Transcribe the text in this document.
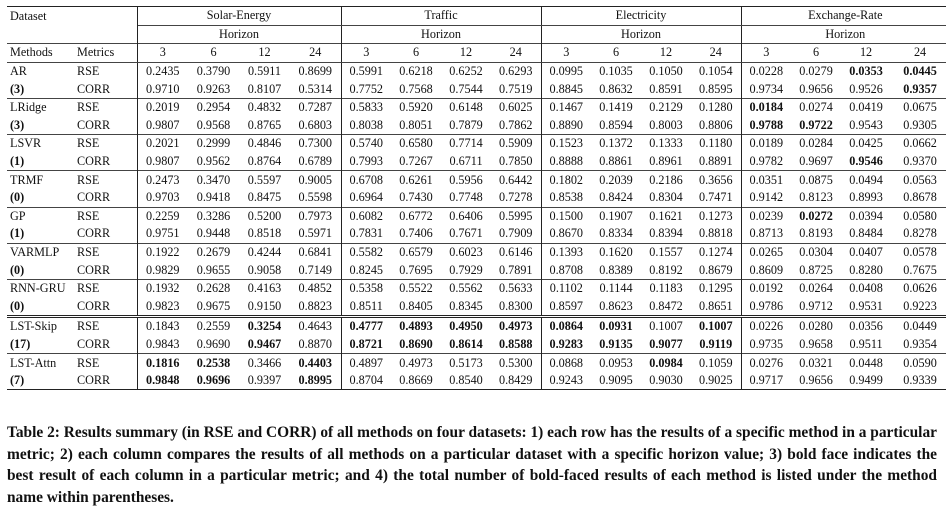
Dataset		Solar-Energy				Traffic				Electricity				Exchange-Rate			
		Horizon				Horizon				Horizon				Horizon			
Methods	Metrics	3	6	12	24	3	6	12	24	3	6	12	24	3	6	12	24
AR	RSE	0.2435	0.3790	0.5911	0.8699	0.5991	0.6218	0.6252	0.6293	0.0995	0.1035	0.1050	0.1054	0.0228	0.0279	0.0353	0.0445
(3)	CORR	0.9710	0.9263	0.8107	0.5314	0.7752	0.7568	0.7544	0.7519	0.8845	0.8632	0.8591	0.8595	0.9734	0.9656	0.9526	0.9357
LRidge	RSE	0.2019	0.2954	0.4832	0.7287	0.5833	0.5920	0.6148	0.6025	0.1467	0.1419	0.2129	0.1280	0.0184	0.0274	0.0419	0.0675
(3)	CORR	0.9807	0.9568	0.8765	0.6803	0.8038	0.8051	0.7879	0.7862	0.8890	0.8594	0.8003	0.8806	0.9788	0.9722	0.9543	0.9305
LSVR	RSE	0.2021	0.2999	0.4846	0.7300	0.5740	0.6580	0.7714	0.5909	0.1523	0.1372	0.1333	0.1180	0.0189	0.0284	0.0425	0.0662
(1)	CORR	0.9807	0.9562	0.8764	0.6789	0.7993	0.7267	0.6711	0.7850	0.8888	0.8861	0.8961	0.8891	0.9782	0.9697	0.9546	0.9370
TRMF	RSE	0.2473	0.3470	0.5597	0.9005	0.6708	0.6261	0.5956	0.6442	0.1802	0.2039	0.2186	0.3656	0.0351	0.0875	0.0494	0.0563
(0)	CORR	0.9703	0.9418	0.8475	0.5598	0.6964	0.7430	0.7748	0.7278	0.8538	0.8424	0.8304	0.7471	0.9142	0.8123	0.8993	0.8678
GP	RSE	0.2259	0.3286	0.5200	0.7973	0.6082	0.6772	0.6406	0.5995	0.1500	0.1907	0.1621	0.1273	0.0239	0.0272	0.0394	0.0580
(1)	CORR	0.9751	0.9448	0.8518	0.5971	0.7831	0.7406	0.7671	0.7909	0.8670	0.8334	0.8394	0.8818	0.8713	0.8193	0.8484	0.8278
VARMLP	RSE	0.1922	0.2679	0.4244	0.6841	0.5582	0.6579	0.6023	0.6146	0.1393	0.1620	0.1557	0.1274	0.0265	0.0304	0.0407	0.0578
(0)	CORR	0.9829	0.9655	0.9058	0.7149	0.8245	0.7695	0.7929	0.7891	0.8708	0.8389	0.8192	0.8679	0.8609	0.8725	0.8280	0.7675
RNN-GRU	RSE	0.1932	0.2628	0.4163	0.4852	0.5358	0.5522	0.5562	0.5633	0.1102	0.1144	0.1183	0.1295	0.0192	0.0264	0.0408	0.0626
(0)	CORR	0.9823	0.9675	0.9150	0.8823	0.8511	0.8405	0.8345	0.8300	0.8597	0.8623	0.8472	0.8651	0.9786	0.9712	0.9531	0.9223
LST-Skip	RSE	0.1843	0.2559	0.3254	0.4643	0.4777	0.4893	0.4950	0.4973	0.0864	0.0931	0.1007	0.1007	0.0226	0.0280	0.0356	0.0449
(17)	CORR	0.9843	0.9690	0.9467	0.8870	0.8721	0.8690	0.8614	0.8588	0.9283	0.9135	0.9077	0.9119	0.9735	0.9658	0.9511	0.9354
LST-Attn	RSE	0.1816	0.2538	0.3466	0.4403	0.4897	0.4973	0.5173	0.5300	0.0868	0.0953	0.0984	0.1059	0.0276	0.0321	0.0448	0.0590
(7)	CORR	0.9848	0.9696	0.9397	0.8995	0.8704	0.8669	0.8540	0.8429	0.9243	0.9095	0.9030	0.9025	0.9717	0.9656	0.9499	0.9339
Table 2: Results summary (in RSE and CORR) of all methods on four datasets: 1) each row has the results of a specific method in a particular metric; 2) each column compares the results of all methods on a particular dataset with a specific horizon value; 3) bold face indicates the best result of each column in a particular metric; and 4) the total number of bold-faced results of each method is listed under the method name within parentheses.
